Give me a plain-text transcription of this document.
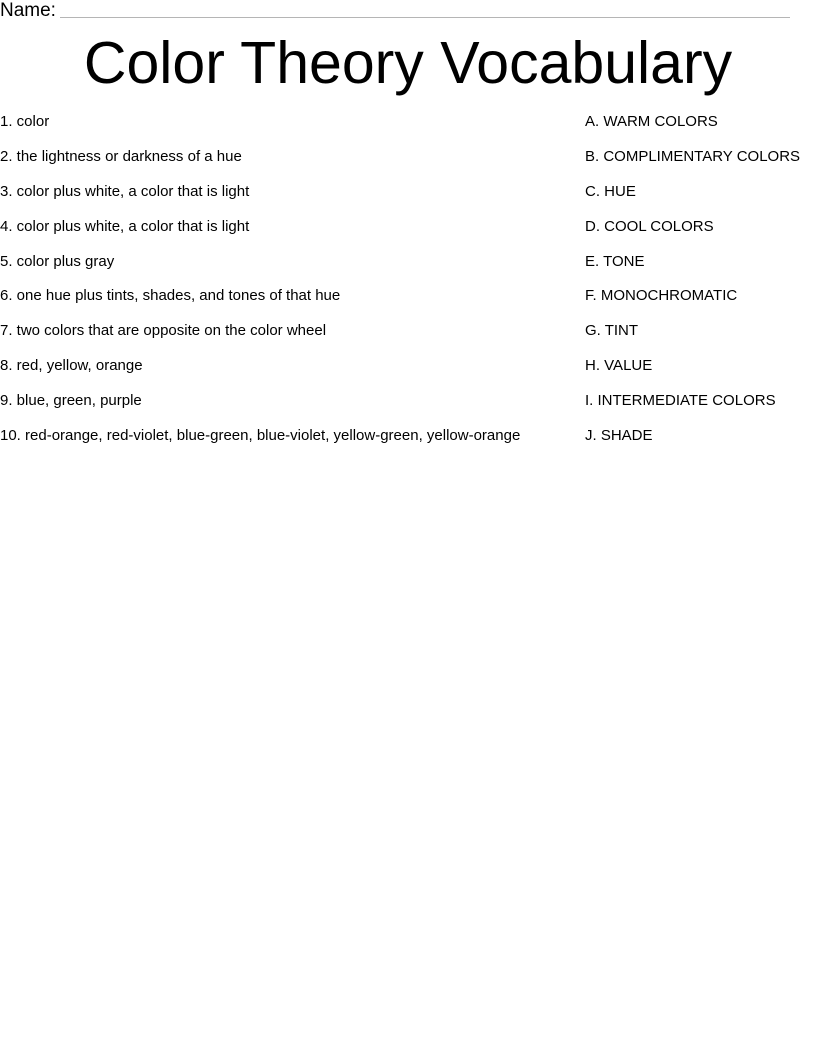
Name:
Color Theory Vocabulary
1. color
2. the lightness or darkness of a hue
3. color plus white, a color that is light
4. color plus white, a color that is light
5. color plus gray
6. one hue plus tints, shades, and tones of that hue
7. two colors that are opposite on the color wheel
8. red, yellow, orange
9. blue, green, purple
10. red-orange, red-violet, blue-green, blue-violet, yellow-green, yellow-orange
A. WARM COLORS
B. COMPLIMENTARY COLORS
C. HUE
D. COOL COLORS
E. TONE
F. MONOCHROMATIC
G. TINT
H. VALUE
I. INTERMEDIATE COLORS
J. SHADE
